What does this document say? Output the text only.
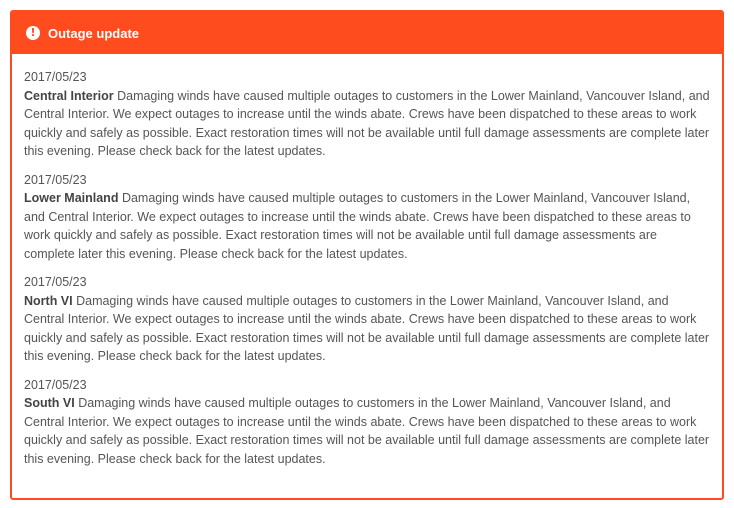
! Outage update
2017/05/23
Central Interior Damaging winds have caused multiple outages to customers in the Lower Mainland, Vancouver Island, and Central Interior. We expect outages to increase until the winds abate. Crews have been dispatched to these areas to work quickly and safely as possible. Exact restoration times will not be available until full damage assessments are complete later this evening. Please check back for the latest updates.
2017/05/23
Lower Mainland Damaging winds have caused multiple outages to customers in the Lower Mainland, Vancouver Island, and Central Interior. We expect outages to increase until the winds abate. Crews have been dispatched to these areas to work quickly and safely as possible. Exact restoration times will not be available until full damage assessments are complete later this evening. Please check back for the latest updates.
2017/05/23
North VI Damaging winds have caused multiple outages to customers in the Lower Mainland, Vancouver Island, and Central Interior. We expect outages to increase until the winds abate. Crews have been dispatched to these areas to work quickly and safely as possible. Exact restoration times will not be available until full damage assessments are complete later this evening. Please check back for the latest updates.
2017/05/23
South VI Damaging winds have caused multiple outages to customers in the Lower Mainland, Vancouver Island, and Central Interior. We expect outages to increase until the winds abate. Crews have been dispatched to these areas to work quickly and safely as possible. Exact restoration times will not be available until full damage assessments are complete later this evening. Please check back for the latest updates.
